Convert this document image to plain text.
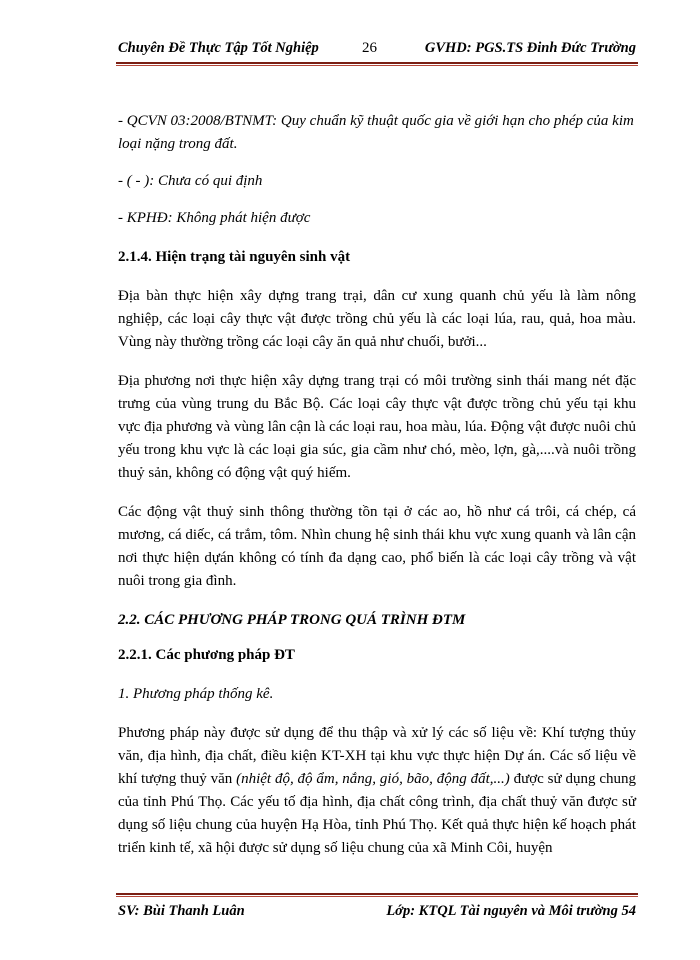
Chuyên Đề Thực Tập Tốt Nghiệp	26	GVHD: PGS.TS Đinh Đức Trường

- QCVN 03:2008/BTNMT: Quy chuẩn kỹ thuật quốc gia về giới hạn cho phép của kim loại nặng trong đất.

- ( - ): Chưa có qui định

- KPHĐ: Không phát hiện được

2.1.4. Hiện trạng tài nguyên sinh vật

Địa bàn thực hiện xây dựng trang trại, dân cư xung quanh chủ yếu là làm nông nghiệp, các loại cây thực vật được trồng chủ yếu là các loại lúa, rau, quả, hoa màu. Vùng này thường trồng các loại cây ăn quả như chuối, bưởi...

Địa phương nơi thực hiện xây dựng trang trại có môi trường sinh thái mang nét đặc trưng của vùng trung du Bắc Bộ. Các loại cây thực vật được trồng chủ yếu tại khu vực địa phương và vùng lân cận là các loại rau, hoa màu, lúa. Động vật được nuôi chủ yếu trong khu vực là các loại gia súc, gia cầm như chó, mèo, lợn, gà,....và nuôi trồng thuỷ sản, không có động vật quý hiếm.

Các động vật thuỷ sinh thông thường tồn tại ở các ao, hồ như cá trôi, cá chép, cá mương, cá diếc, cá trắm, tôm. Nhìn chung hệ sinh thái khu vực xung quanh và lân cận nơi thực hiện dựán không có tính đa dạng cao, phổ biến là các loại cây trồng và vật nuôi trong gia đình.

2.2. CÁC PHƯƠNG PHÁP TRONG QUÁ TRÌNH ĐTM

2.2.1. Các phương pháp ĐT

1. Phương pháp thống kê.

Phương pháp này được sử dụng để thu thập và xử lý các số liệu về: Khí tượng thủy văn, địa hình, địa chất, điều kiện KT-XH tại khu vực thực hiện Dự án. Các số liệu về khí tượng thuỷ văn (nhiệt độ, độ ẩm, nắng, gió, bão, động đất,...) được sử dụng chung của tỉnh Phú Thọ. Các yếu tố địa hình, địa chất công trình, địa chất thuỷ văn được sử dụng số liệu chung của huyện Hạ Hòa, tỉnh Phú Thọ. Kết quả thực hiện kế hoạch phát triển kinh tế, xã hội được sử dụng số liệu chung của xã Minh Côi, huyện

SV: Bùi Thanh Luân	Lớp: KTQL Tài nguyên và Môi trường 54
